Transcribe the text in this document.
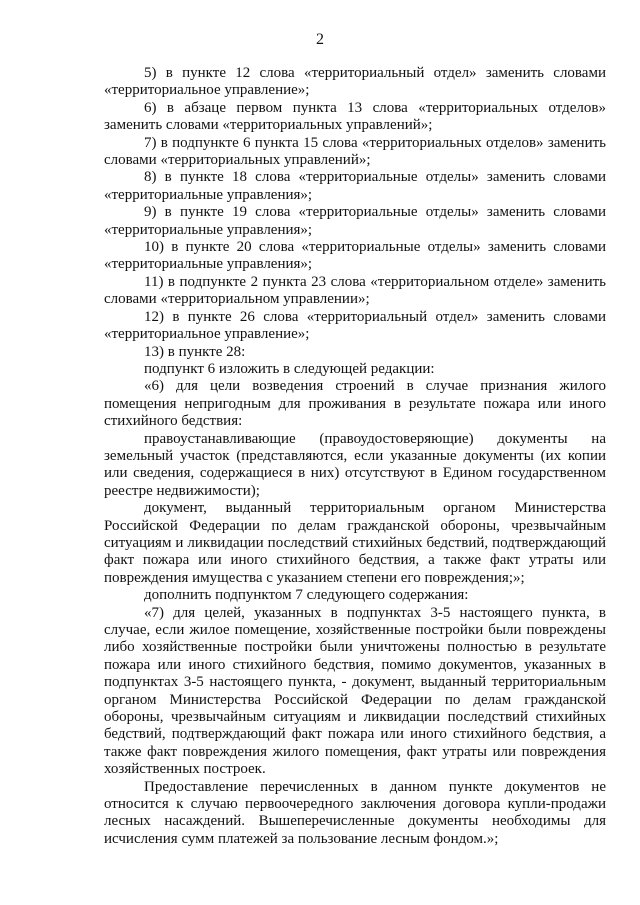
2

5) в пункте 12 слова «территориальный отдел» заменить словами «территориальное управление»;

6) в абзаце первом пункта 13 слова «территориальных отделов» заменить словами «территориальных управлений»;

7) в подпункте 6 пункта 15 слова «территориальных отделов» заменить словами «территориальных управлений»;

8) в пункте 18 слова «территориальные отделы» заменить словами «территориальные управления»;

9) в пункте 19 слова «территориальные отделы» заменить словами «территориальные управления»;

10) в пункте 20 слова «территориальные отделы» заменить словами «территориальные управления»;

11) в подпункте 2 пункта 23 слова «территориальном отделе» заменить словами «территориальном управлении»;

12) в пункте 26 слова «территориальный отдел» заменить словами «территориальное управление»;

13) в пункте 28:

подпункт 6 изложить в следующей редакции:

«6) для цели возведения строений в случае признания жилого помещения непригодным для проживания в результате пожара или иного стихийного бедствия:

правоустанавливающие (правоудостоверяющие) документы на земельный участок (представляются, если указанные документы (их копии или сведения, содержащиеся в них) отсутствуют в Едином государственном реестре недвижимости);

документ, выданный территориальным органом Министерства Российской Федерации по делам гражданской обороны, чрезвычайным ситуациям и ликвидации последствий стихийных бедствий, подтверждающий факт пожара или иного стихийного бедствия, а также факт утраты или повреждения имущества с указанием степени его повреждения;»;

дополнить подпунктом 7 следующего содержания:

«7) для целей, указанных в подпунктах 3-5 настоящего пункта, в случае, если жилое помещение, хозяйственные постройки были повреждены либо хозяйственные постройки были уничтожены полностью в результате пожара или иного стихийного бедствия, помимо документов, указанных в подпунктах 3-5 настоящего пункта, - документ, выданный территориальным органом Министерства Российской Федерации по делам гражданской обороны, чрезвычайным ситуациям и ликвидации последствий стихийных бедствий, подтверждающий факт пожара или иного стихийного бедствия, а также факт повреждения жилого помещения, факт утраты или повреждения хозяйственных построек.

Предоставление перечисленных в данном пункте документов не относится к случаю первоочередного заключения договора купли-продажи лесных насаждений. Вышеперечисленные документы необходимы для исчисления сумм платежей за пользование лесным фондом.»;
